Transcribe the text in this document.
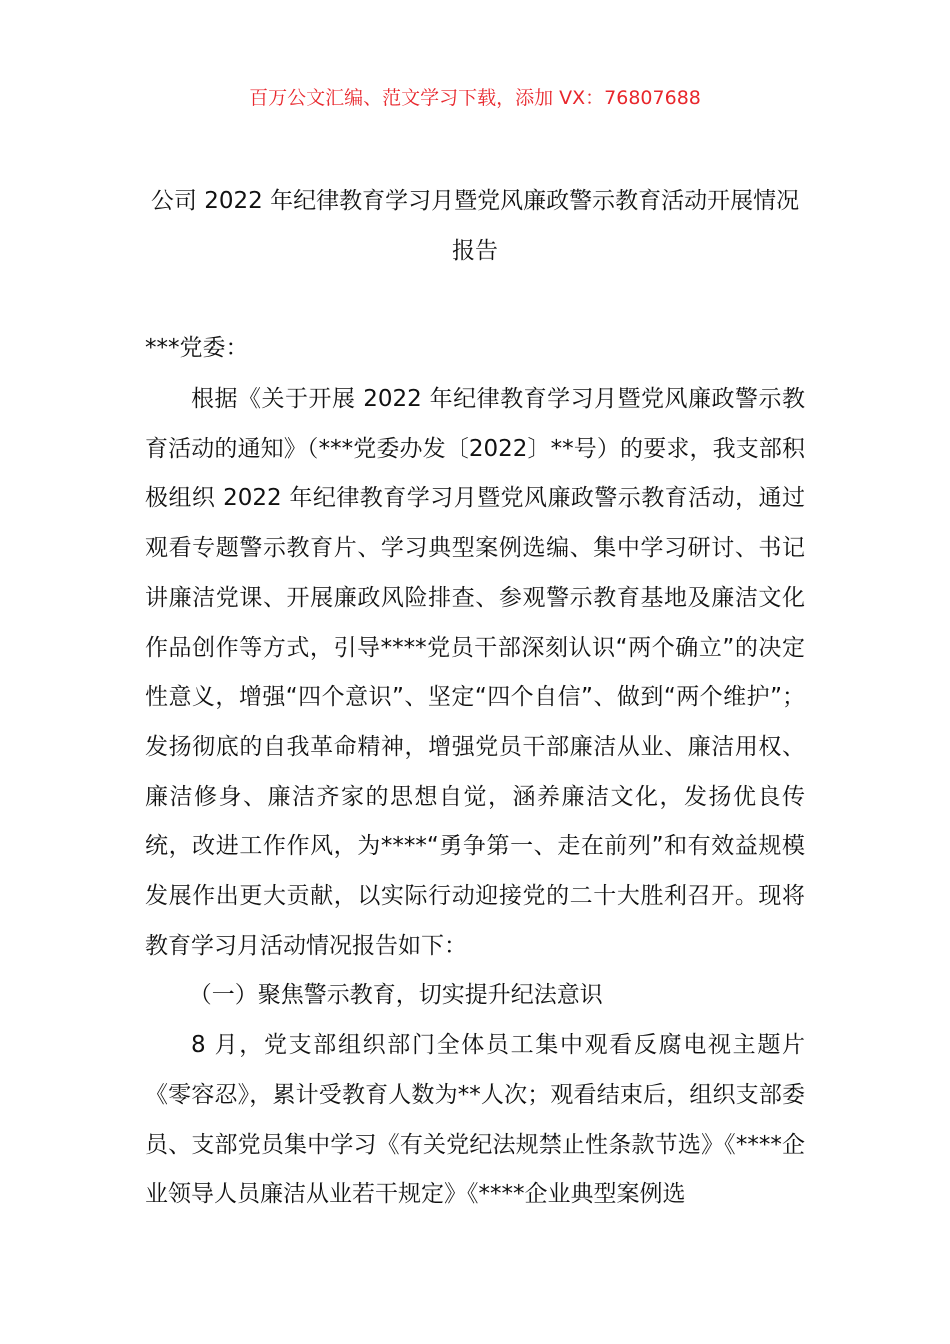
百万公文汇编、范文学习下载，添加 VX：76807688
公司 2022 年纪律教育学习月暨党风廉政警示教育活动开展情况报告
***党委：

根据《关于开展 2022 年纪律教育学习月暨党风廉政警示教育活动的通知》（***党委办发〔2022〕**号）的要求，我支部积极组织 2022 年纪律教育学习月暨党风廉政警示教育活动，通过观看专题警示教育片、学习典型案例选编、集中学习研讨、书记讲廉洁党课、开展廉政风险排查、参观警示教育基地及廉洁文化作品创作等方式，引导****党员干部深刻认识“两个确立”的决定性意义，增强“四个意识”、坚定“四个自信”、做到“两个维护”；发扬彻底的自我革命精神，增强党员干部廉洁从业、廉洁用权、廉洁修身、廉洁齐家的思想自觉，涵养廉洁文化，发扬优良传统，改进工作作风，为****“勇争第一、走在前列”和有效益规模发展作出更大贡献，以实际行动迎接党的二十大胜利召开。现将教育学习月活动情况报告如下：

（一）聚焦警示教育，切实提升纪法意识

8 月，党支部组织部门全体员工集中观看反腐电视主题片《零容忍》，累计受教育人数为**人次；观看结束后，组织支部委员、支部党员集中学习《有关党纪法规禁止性条款节选》《****企业领导人员廉洁从业若干规定》《****企业典型案例选
